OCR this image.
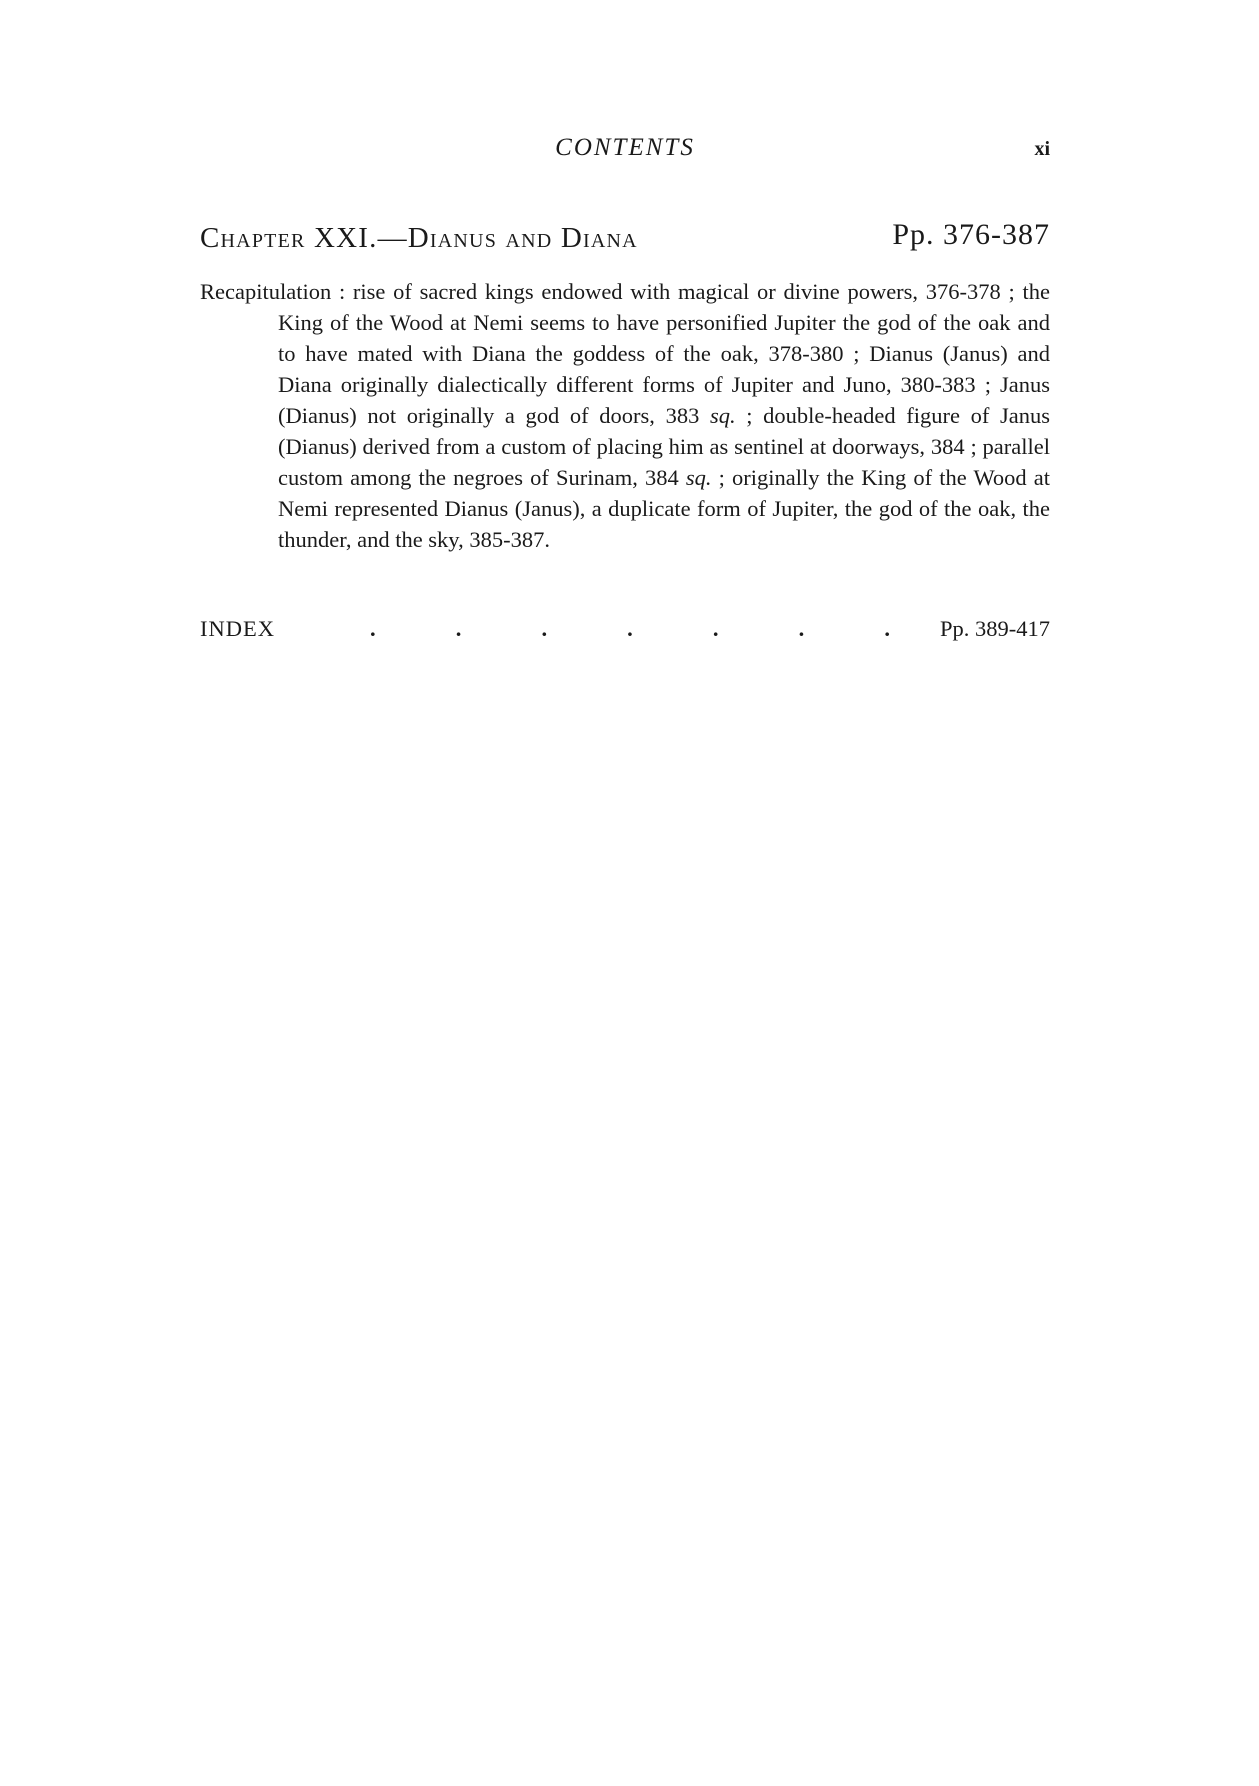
CONTENTS	xi
Chapter XXI.—Dianus and Diana	Pp. 376-387
Recapitulation : rise of sacred kings endowed with magical or divine powers, 376-378 ; the King of the Wood at Nemi seems to have personified Jupiter the god of the oak and to have mated with Diana the goddess of the oak, 378-380 ; Dianus (Janus) and Diana originally dialectically different forms of Jupiter and Juno, 380-383 ; Janus (Dianus) not originally a god of doors, 383 sq. ; double-headed figure of Janus (Dianus) derived from a custom of placing him as sentinel at doorways, 384 ; parallel custom among the negroes of Surinam, 384 sq. ; originally the King of the Wood at Nemi represented Dianus (Janus), a duplicate form of Jupiter, the god of the oak, the thunder, and the sky, 385-387.
INDEX	.	.	.	.	.	.	. Pp. 389-417
